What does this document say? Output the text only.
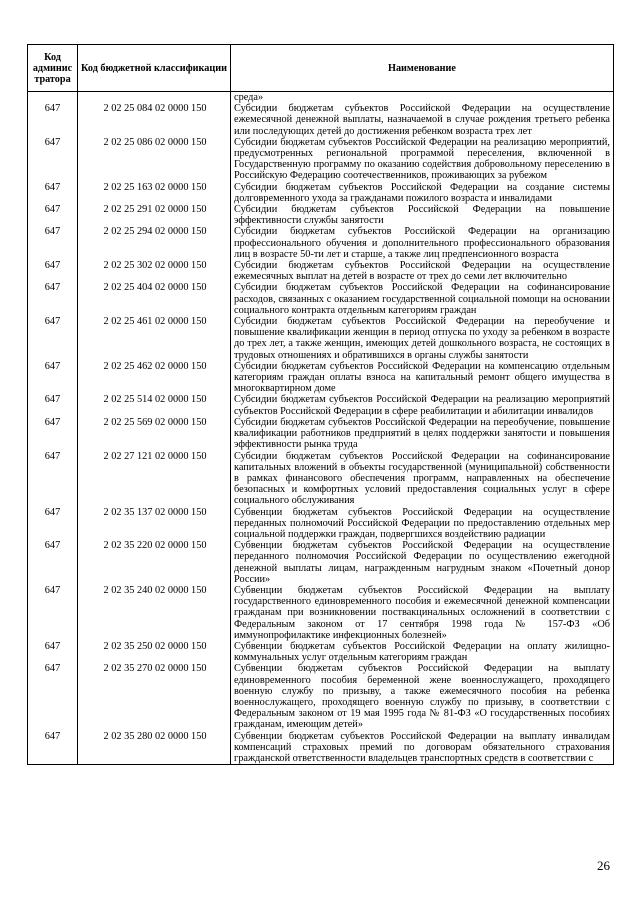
Код админис тратора	Код бюджетной классификации	Наименование
		среда»
647	2 02 25 084 02 0000 150	Субсидии бюджетам субъектов Российской Федерации на осуществление ежемесячной денежной выплаты, назначаемой в случае рождения третьего ребенка или последующих детей до достижения ребенком возраста трех лет
647	2 02 25 086 02 0000 150	Субсидии бюджетам субъектов Российской Федерации на реализацию мероприятий, предусмотренных региональной программой переселения, включенной в Государственную программу по оказанию содействия добровольному переселению в Российскую Федерацию соотечественников, проживающих за рубежом
647	2 02 25 163 02 0000 150	Субсидии бюджетам субъектов Российской Федерации на создание системы долговременного ухода за гражданами пожилого возраста и инвалидами
647	2 02 25 291 02 0000 150	Субсидии бюджетам субъектов Российской Федерации на повышение эффективности службы занятости
647	2 02 25 294 02 0000 150	Субсидии бюджетам субъектов Российской Федерации на организацию профессионального обучения и дополнительного профессионального образования лиц в возрасте 50-ти лет и старше, а также лиц предпенсионного возраста
647	2 02 25 302 02 0000 150	Субсидии бюджетам субъектов Российской Федерации на осуществление ежемесячных выплат на детей в возрасте от трех до семи лет включительно
647	2 02 25 404 02 0000 150	Субсидии бюджетам субъектов Российской Федерации на софинансирование расходов, связанных с оказанием государственной социальной помощи на основании социального контракта отдельным категориям граждан
647	2 02 25 461 02 0000 150	Субсидии бюджетам субъектов Российской Федерации на переобучение и повышение квалификации женщин в период отпуска по уходу за ребенком в возрасте до трех лет, а также женщин, имеющих детей дошкольного возраста, не состоящих в трудовых отношениях и обратившихся в органы службы занятости
647	2 02 25 462 02 0000 150	Субсидии бюджетам субъектов Российской Федерации на компенсацию отдельным категориям граждан оплаты взноса на капитальный ремонт общего имущества в многоквартирном доме
647	2 02 25 514 02 0000 150	Субсидии бюджетам субъектов Российской Федерации на реализацию мероприятий субъектов Российской Федерации в сфере реабилитации и абилитации инвалидов
647	2 02 25 569 02 0000 150	Субсидии бюджетам субъектов Российской Федерации на переобучение, повышение квалификации работников предприятий в целях поддержки занятости и повышения эффективности рынка труда
647	2 02 27 121 02 0000 150	Субсидии бюджетам субъектов Российской Федерации на софинансирование капитальных вложений в объекты государственной (муниципальной) собственности в рамках финансового обеспечения программ, направленных на обеспечение безопасных и комфортных условий предоставления социальных услуг в сфере социального обслуживания
647	2 02 35 137 02 0000 150	Субвенции бюджетам субъектов Российской Федерации на осуществление переданных полномочий Российской Федерации по предоставлению отдельных мер социальной поддержки граждан, подвергшихся воздействию радиации
647	2 02 35 220 02 0000 150	Субвенции бюджетам субъектов Российской Федерации на осуществление переданного полномочия Российской Федерации по осуществлению ежегодной денежной выплаты лицам, награжденным нагрудным знаком «Почетный донор России»
647	2 02 35 240 02 0000 150	Субвенции бюджетам субъектов Российской Федерации на выплату государственного единовременного пособия и ежемесячной денежной компенсации гражданам при возникновении поствакцинальных осложнений в соответствии с Федеральным законом от 17 сентября 1998 года № 157-ФЗ «Об иммунопрофилактике инфекционных болезней»
647	2 02 35 250 02 0000 150	Субвенции бюджетам субъектов Российской Федерации на оплату жилищно-коммунальных услуг отдельным категориям граждан
647	2 02 35 270 02 0000 150	Субвенции бюджетам субъектов Российской Федерации на выплату единовременного пособия беременной жене военнослужащего, проходящего военную службу по призыву, а также ежемесячного пособия на ребенка военнослужащего, проходящего военную службу по призыву, в соответствии с Федеральным законом от 19 мая 1995 года № 81-ФЗ «О государственных пособиях гражданам, имеющим детей»
647	2 02 35 280 02 0000 150	Субвенции бюджетам субъектов Российской Федерации на выплату инвалидам компенсаций страховых премий по договорам обязательного страхования гражданской ответственности владельцев транспортных средств в соответствии с
26
